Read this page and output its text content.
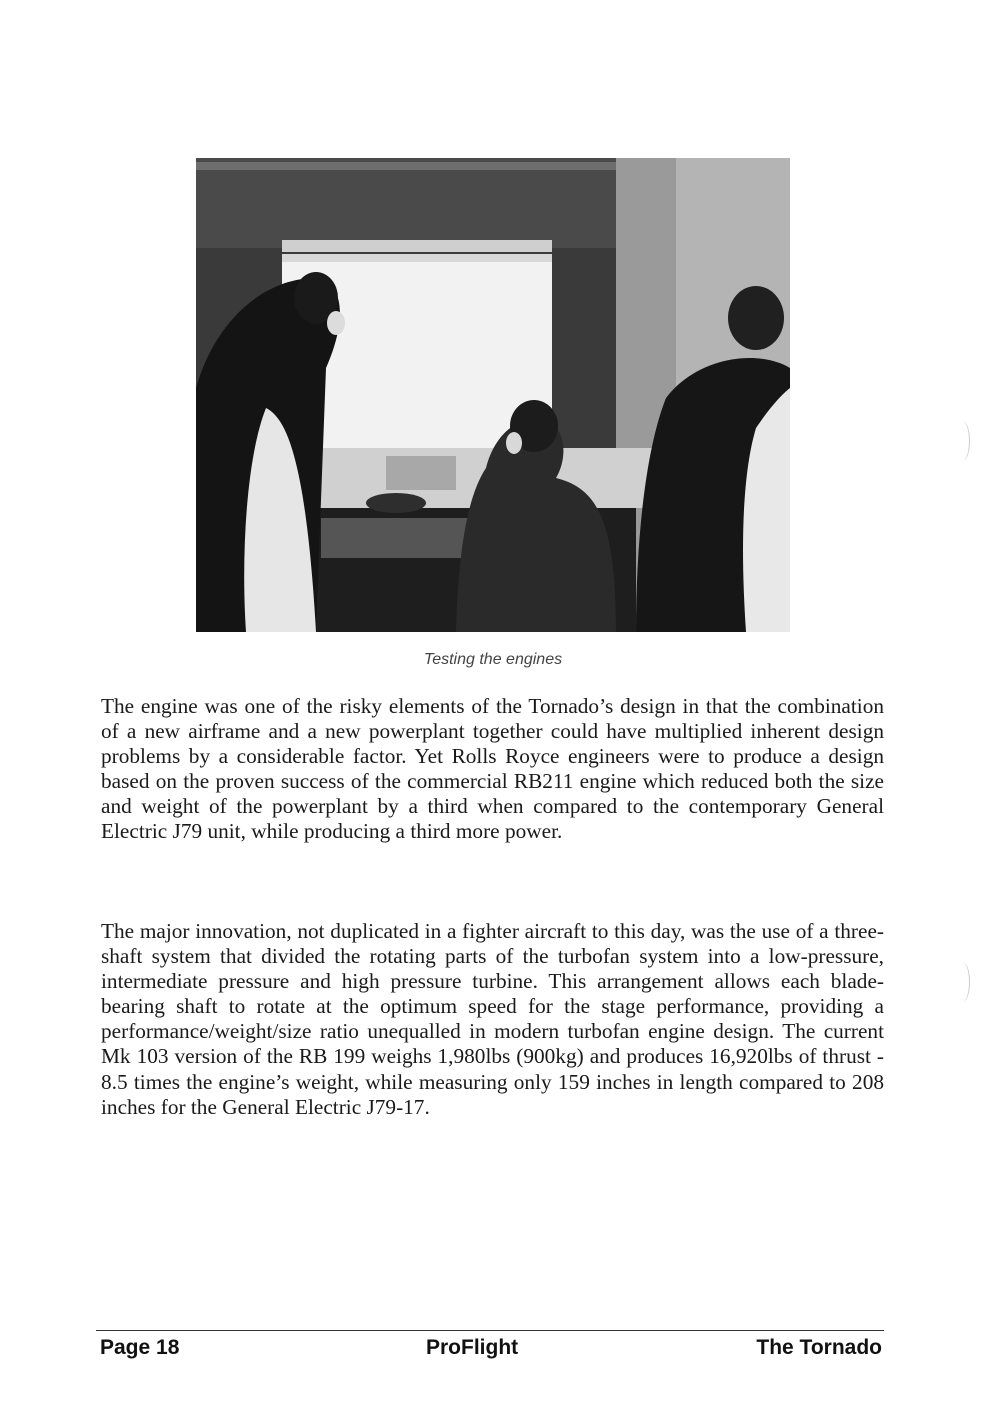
Testing the engines

The engine was one of the risky elements of the Tornado’s design in that the combination of a new airframe and a new powerplant together could have multiplied inherent design problems by a considerable factor. Yet Rolls Royce engineers were to produce a design based on the proven success of the commercial RB211 engine which reduced both the size and weight of the powerplant by a third when compared to the contemporary General Electric J79 unit, while producing a third more power.

The major innovation, not duplicated in a fighter aircraft to this day, was the use of a three-shaft system that divided the rotating parts of the turbofan system into a low-pressure, intermediate pressure and high pressure turbine. This arrangement allows each blade-bearing shaft to rotate at the optimum speed for the stage performance, providing a performance/weight/size ratio unequalled in modern turbofan engine design. The current Mk 103 version of the RB 199 weighs 1,980lbs (900kg) and produces 16,920lbs of thrust - 8.5 times the engine’s weight, while measuring only 159 inches in length compared to 208 inches for the General Electric J79-17.

Page 18	ProFlight	The Tornado
